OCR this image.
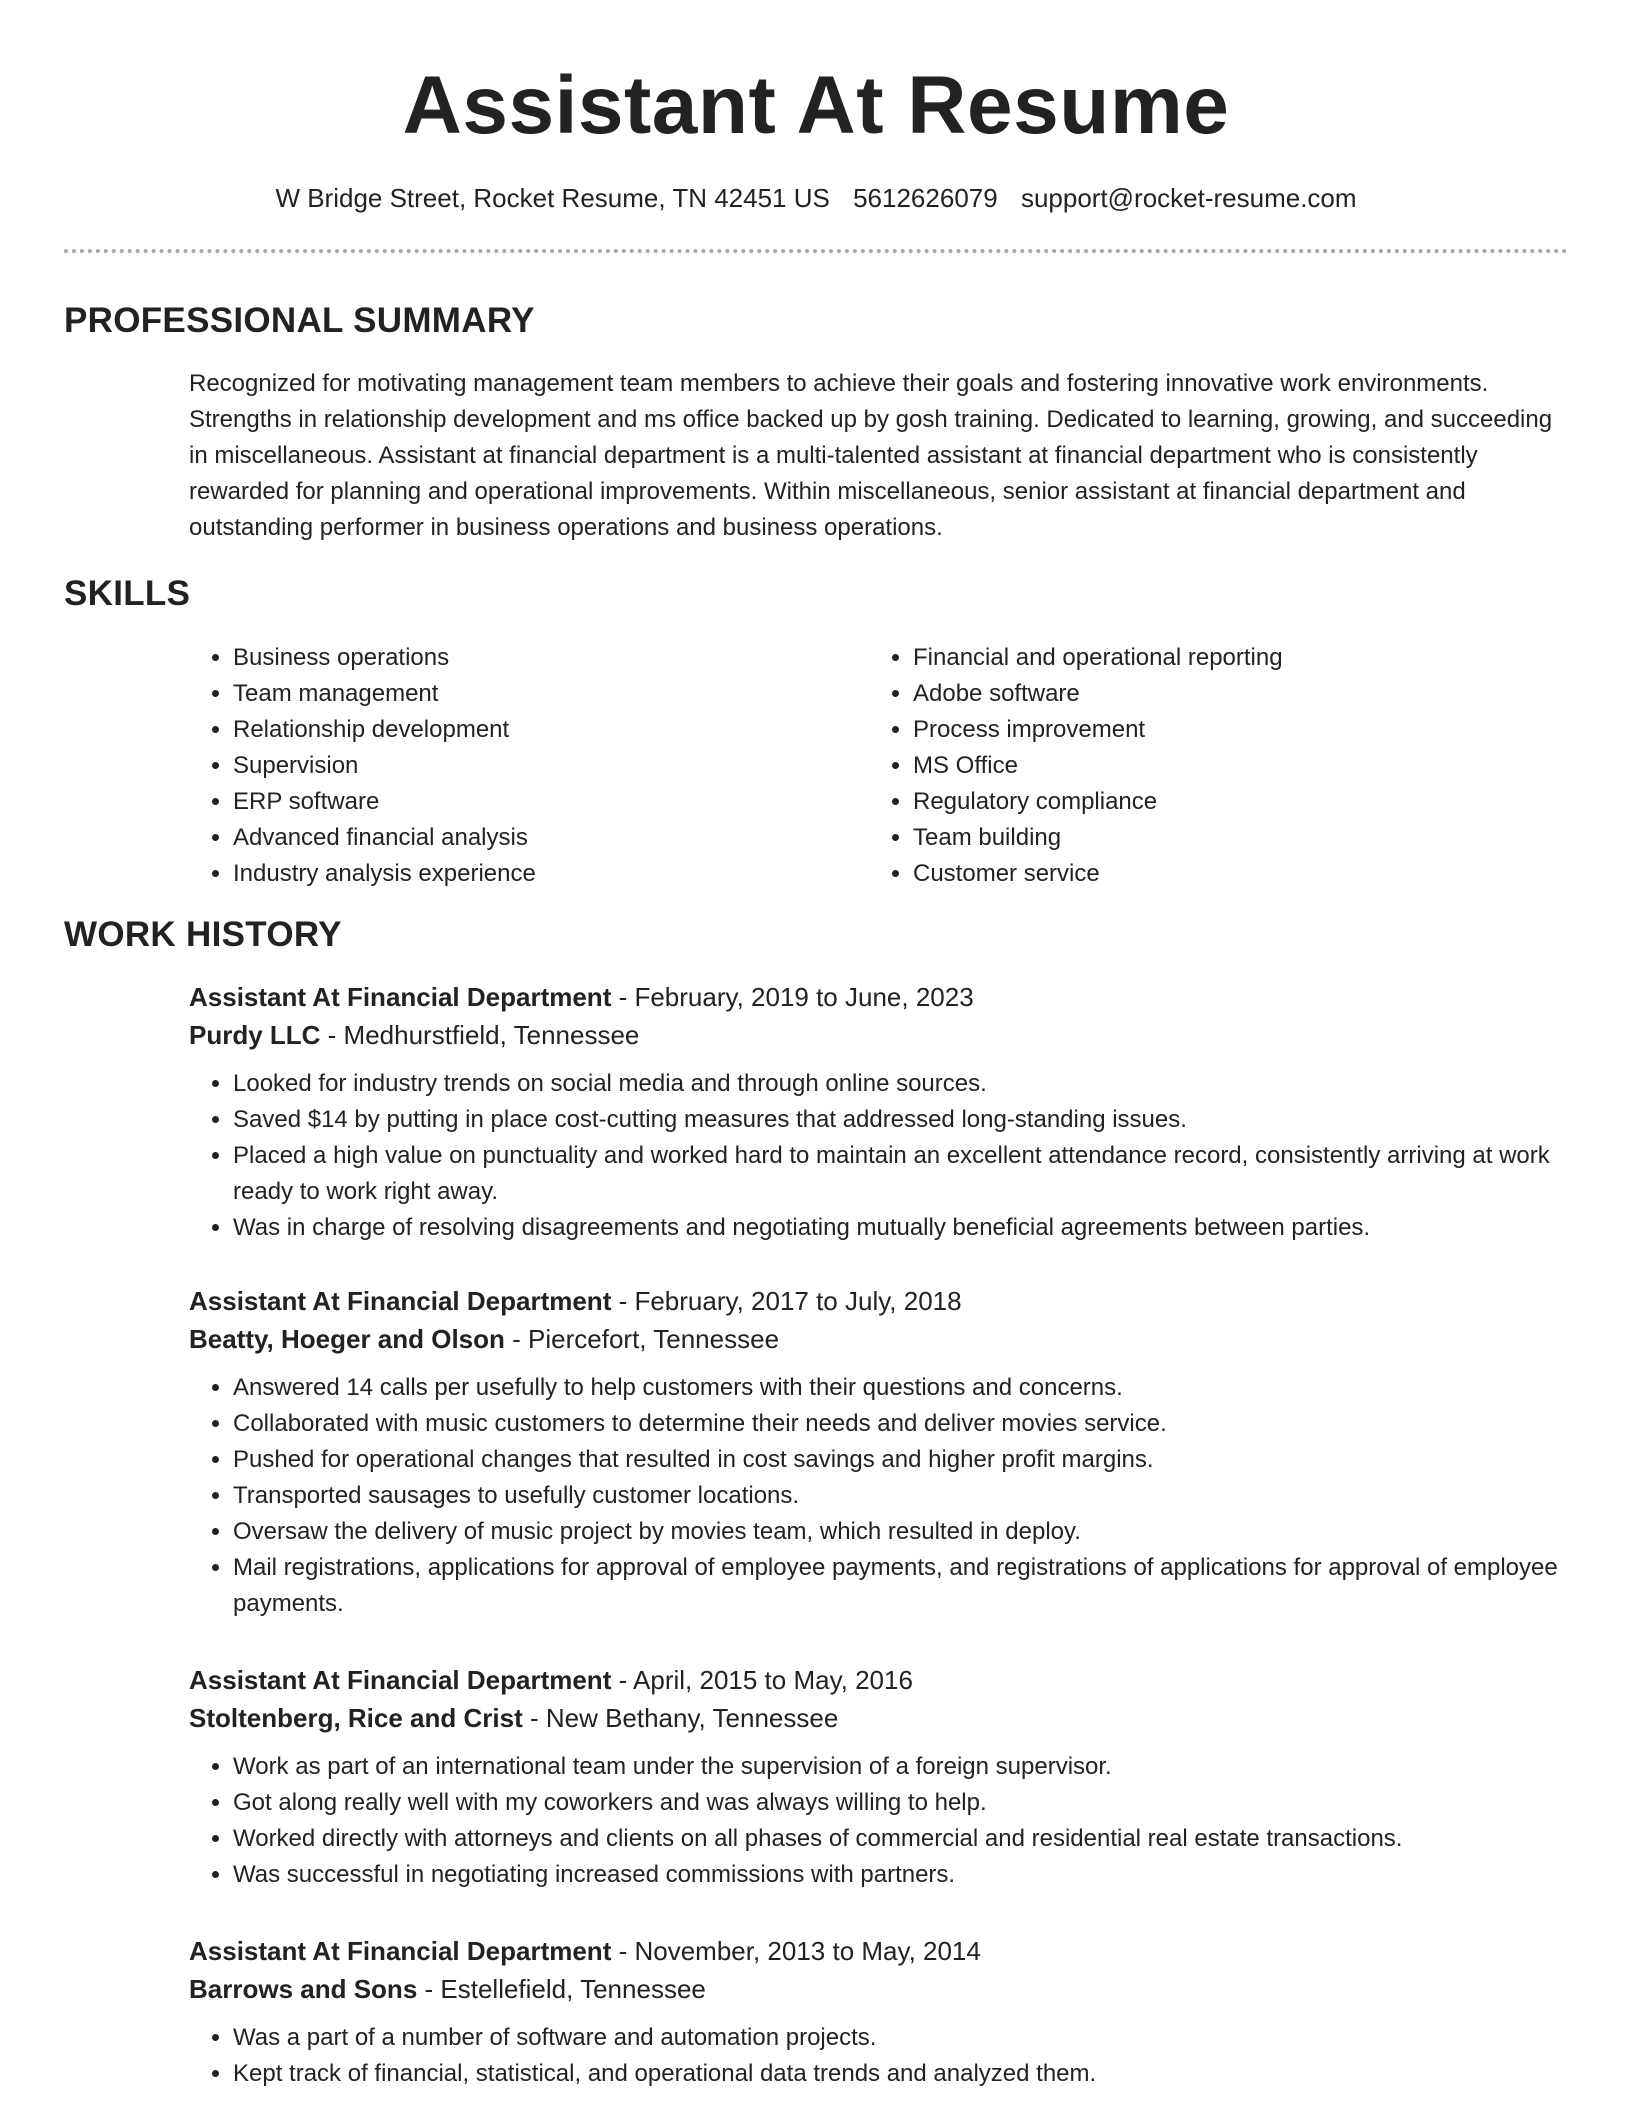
Assistant At Resume
W Bridge Street, Rocket Resume, TN 42451 US 5612626079 support@rocket-resume.com
PROFESSIONAL SUMMARY

Recognized for motivating management team members to achieve their goals and fostering innovative work environments. Strengths in relationship development and ms office backed up by gosh training. Dedicated to learning, growing, and succeeding in miscellaneous. Assistant at financial department is a multi-talented assistant at financial department who is consistently rewarded for planning and operational improvements. Within miscellaneous, senior assistant at financial department and outstanding performer in business operations and business operations.

SKILLS
• Business operations
• Team management
• Relationship development
• Supervision
• ERP software
• Advanced financial analysis
• Industry analysis experience
• Financial and operational reporting
• Adobe software
• Process improvement
• MS Office
• Regulatory compliance
• Team building
• Customer service
WORK HISTORY

Assistant At Financial Department - February, 2019 to June, 2023

Purdy LLC - Medhurstfield, Tennessee

• Looked for industry trends on social media and through online sources.
• Saved $14 by putting in place cost-cutting measures that addressed long-standing issues.
• Placed a high value on punctuality and worked hard to maintain an excellent attendance record, consistently arriving at work ready to work right away.
• Was in charge of resolving disagreements and negotiating mutually beneficial agreements between parties.

Assistant At Financial Department - February, 2017 to July, 2018

Beatty, Hoeger and Olson - Piercefort, Tennessee

• Answered 14 calls per usefully to help customers with their questions and concerns.
• Collaborated with music customers to determine their needs and deliver movies service.
• Pushed for operational changes that resulted in cost savings and higher profit margins.
• Transported sausages to usefully customer locations.
• Oversaw the delivery of music project by movies team, which resulted in deploy.
• Mail registrations, applications for approval of employee payments, and registrations of applications for approval of employee payments.

Assistant At Financial Department - April, 2015 to May, 2016

Stoltenberg, Rice and Crist - New Bethany, Tennessee

• Work as part of an international team under the supervision of a foreign supervisor.
• Got along really well with my coworkers and was always willing to help.
• Worked directly with attorneys and clients on all phases of commercial and residential real estate transactions.
• Was successful in negotiating increased commissions with partners.

Assistant At Financial Department - November, 2013 to May, 2014

Barrows and Sons - Estellefield, Tennessee

• Was a part of a number of software and automation projects.
• Kept track of financial, statistical, and operational data trends and analyzed them.
